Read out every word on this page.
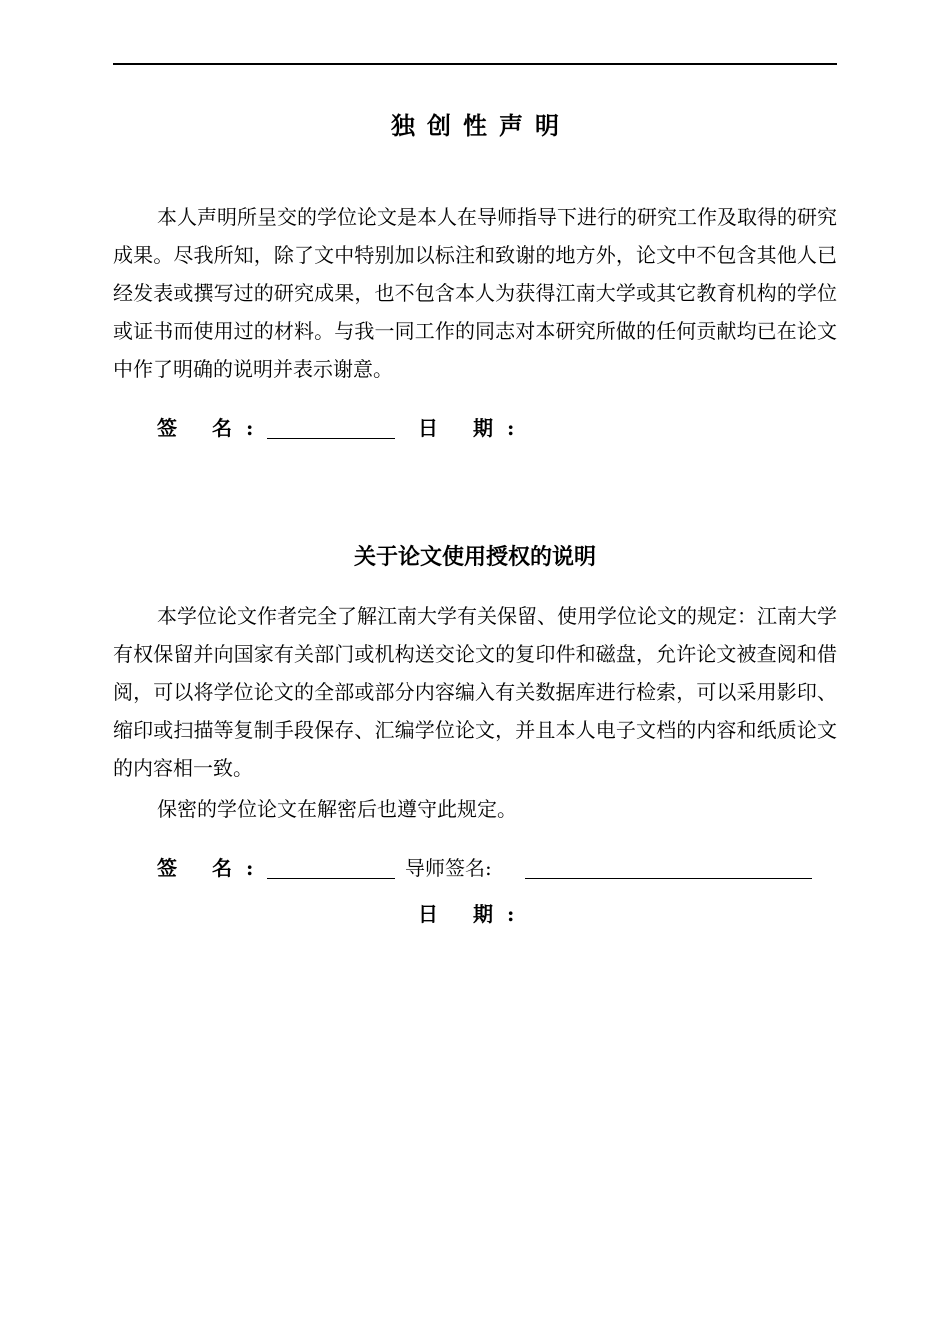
独创性声明

本人声明所呈交的学位论文是本人在导师指导下进行的研究工作及取得的研究成果。尽我所知，除了文中特别加以标注和致谢的地方外，论文中不包含其他人已经发表或撰写过的研究成果，也不包含本人为获得江南大学或其它教育机构的学位或证书而使用过的材料。与我一同工作的同志对本研究所做的任何贡献均已在论文中作了明确的说明并表示谢意。

签 名:	日 期:
关于论文使用授权的说明

本学位论文作者完全了解江南大学有关保留、使用学位论文的规定：江南大学有权保留并向国家有关部门或机构送交论文的复印件和磁盘，允许论文被查阅和借阅，可以将学位论文的全部或部分内容编入有关数据库进行检索，可以采用影印、缩印或扫描等复制手段保存、汇编学位论文，并且本人电子文档的内容和纸质论文的内容相一致。

保密的学位论文在解密后也遵守此规定。

签 名:	导师签名:
日 期:
